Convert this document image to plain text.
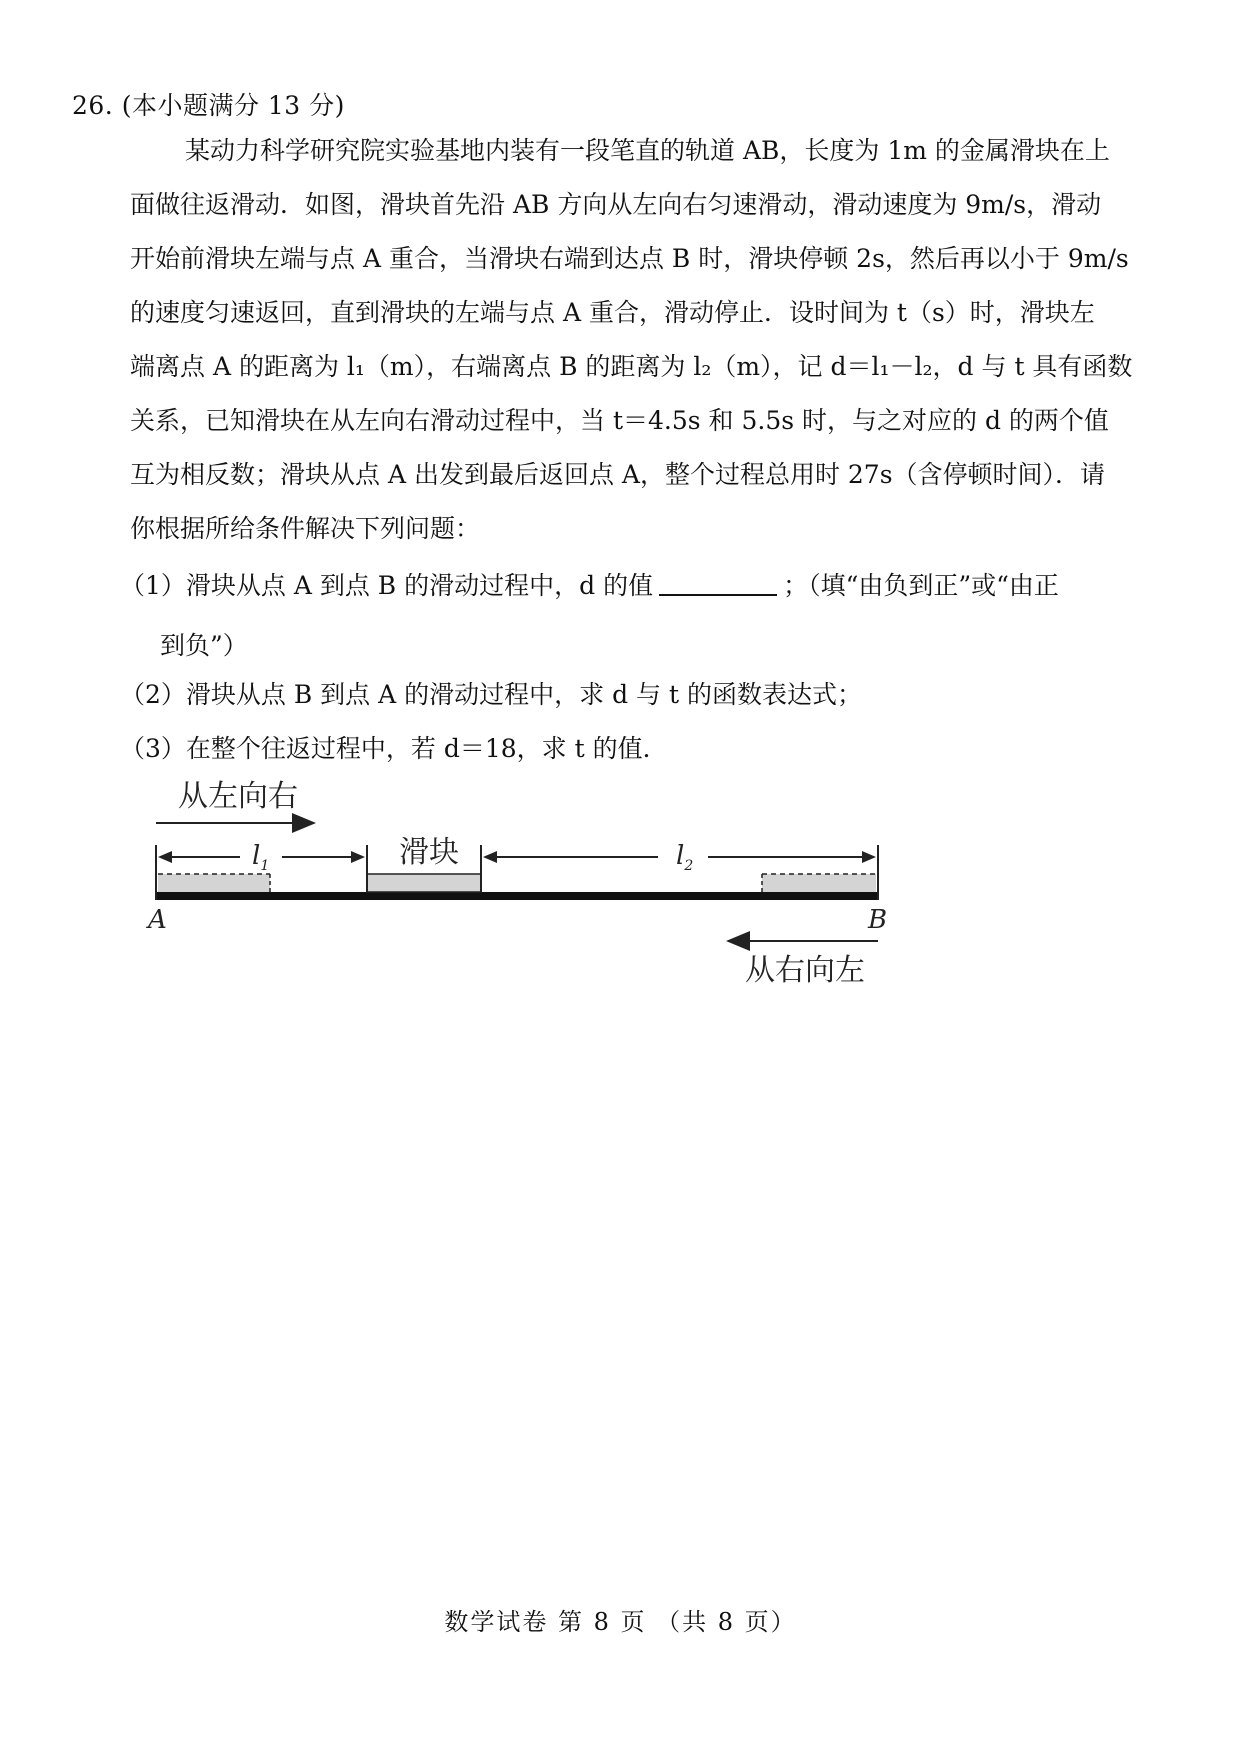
26. (本小题满分 13 分)
某动力科学研究院实验基地内装有一段笔直的轨道 AB，长度为 1m 的金属滑块在上
面做往返滑动．如图，滑块首先沿 AB 方向从左向右匀速滑动，滑动速度为 9m/s，滑动
开始前滑块左端与点 A 重合，当滑块右端到达点 B 时，滑块停顿 2s，然后再以小于 9m/s
的速度匀速返回，直到滑块的左端与点 A 重合，滑动停止．设时间为 t（s）时，滑块左
端离点 A 的距离为 l₁（m），右端离点 B 的距离为 l₂（m），记 d＝l₁－l₂，d 与 t 具有函数
关系，已知滑块在从左向右滑动过程中，当 t＝4.5s 和 5.5s 时，与之对应的 d 的两个值
互为相反数；滑块从点 A 出发到最后返回点 A，整个过程总用时 27s（含停顿时间）．请
你根据所给条件解决下列问题：
（1）滑块从点 A 到点 B 的滑动过程中，d 的值	；（填“由负到正”或“由正
到负”）
（2）滑块从点 B 到点 A 的滑动过程中，求 d 与 t 的函数表达式；
（3）在整个往返过程中，若 d＝18，求 t 的值．
从左向右
滑块
$l_1$	$l_2$
A	B
从右向左
数学试卷 第 8 页 （共 8 页）
